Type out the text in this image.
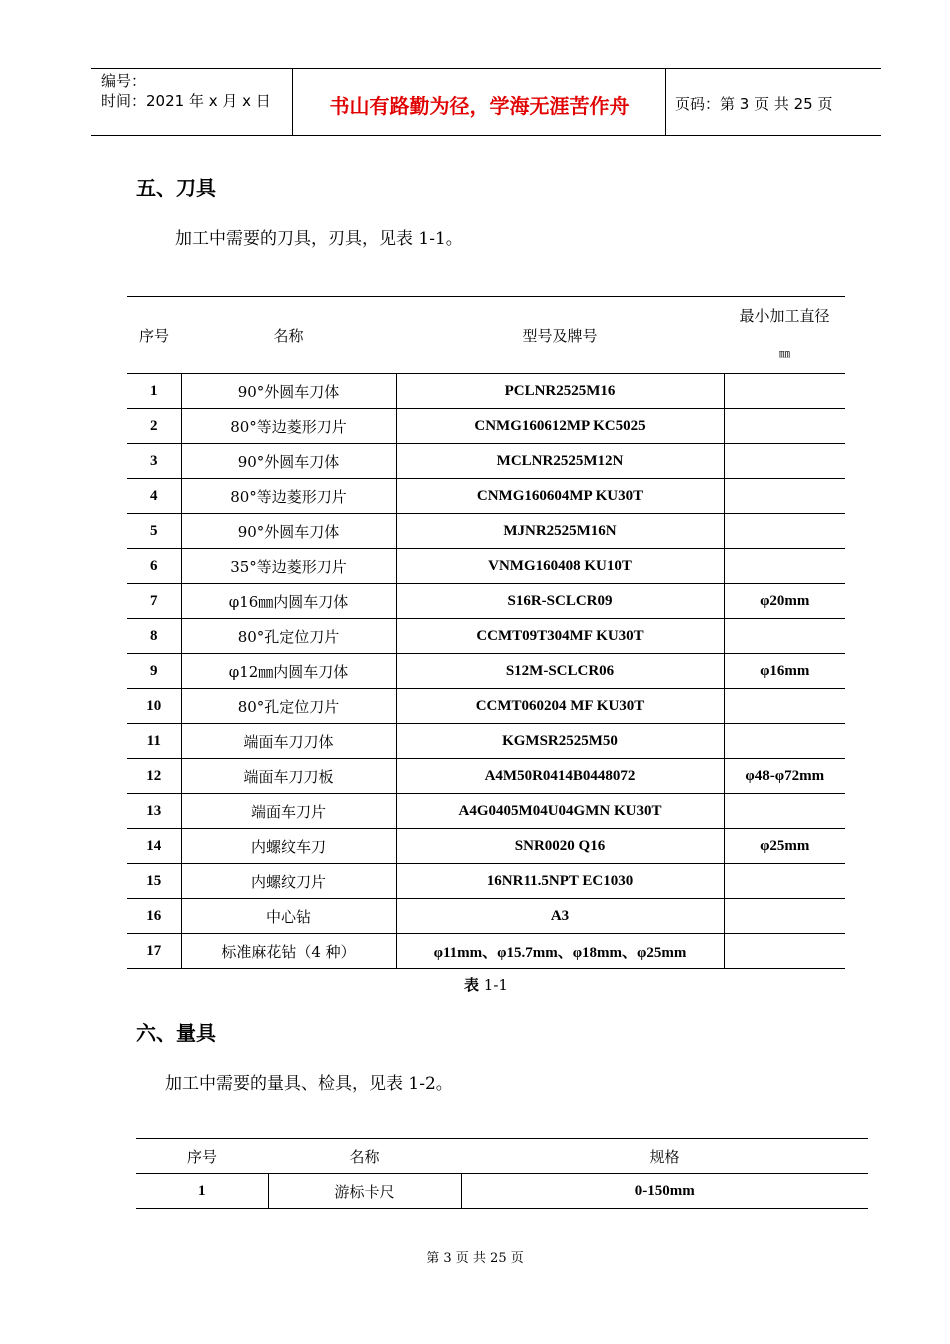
编号：
时间：2021 年 x 月 x 日	书山有路勤为径，学海无涯苦作舟	页码：第 3 页 共 25 页
五、刀具
加工中需要的刀具，刃具，见表 1-1。
序号	名称	型号及牌号	最小加工直径
㎜

1	90°外圆车刀体	PCLNR2525M16	
2	80°等边菱形刀片	CNMG160612MP KC5025	
3	90°外圆车刀体	MCLNR2525M12N	
4	80°等边菱形刀片	CNMG160604MP KU30T	
5	90°外圆车刀体	MJNR2525M16N	
6	35°等边菱形刀片	VNMG160408 KU10T	
7	φ16㎜内圆车刀体	S16R-SCLCR09	φ20mm
8	80°孔定位刀片	CCMT09T304MF KU30T	
9	φ12㎜内圆车刀体	S12M-SCLCR06	φ16mm
10	80°孔定位刀片	CCMT060204 MF KU30T	
11	端面车刀刀体	KGMSR2525M50	
12	端面车刀刀板	A4M50R0414B0448072	φ48-φ72mm
13	端面车刀片	A4G0405M04U04GMN KU30T	
14	内螺纹车刀	SNR0020 Q16	φ25mm
15	内螺纹刀片	16NR11.5NPT EC1030	
16	中心钻	A3	
17	标准麻花钻（4 种）	φ11mm、φ15.7mm、φ18mm、φ25mm	
表 1-1
六、量具
加工中需要的量具、检具，见表 1-2。
序号	名称	规格
1	游标卡尺	0-150mm
第 3 页 共 25 页
